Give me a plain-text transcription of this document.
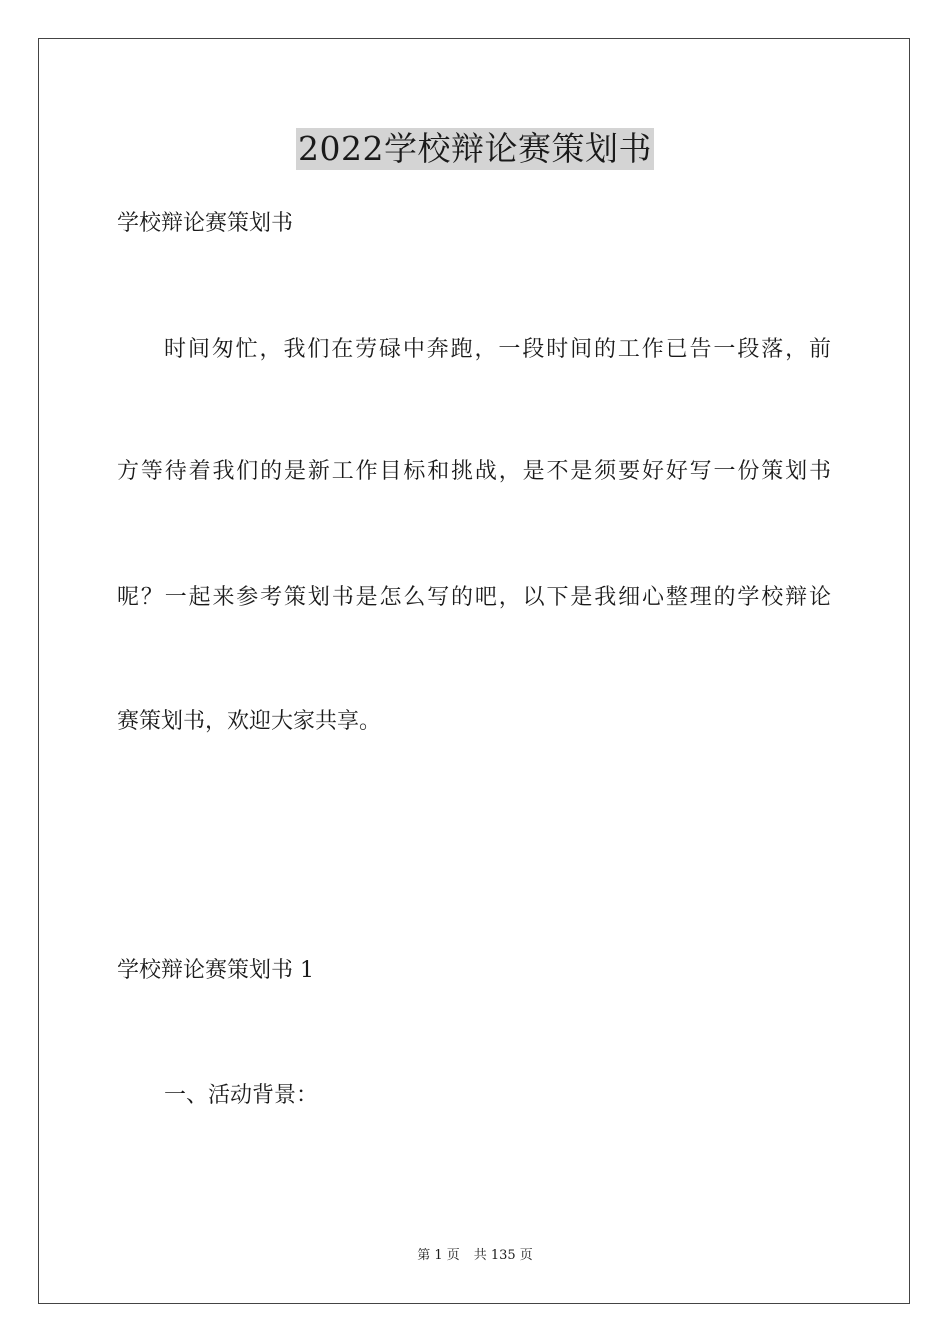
2022学校辩论赛策划书

学校辩论赛策划书

时间匆忙，我们在劳碌中奔跑，一段时间的工作已告一段落，前

方等待着我们的是新工作目标和挑战，是不是须要好好写一份策划书

呢？一起来参考策划书是怎么写的吧，以下是我细心整理的学校辩论

赛策划书，欢迎大家共享。

学校辩论赛策划书 1

一、活动背景：

第 1 页 共 135 页
